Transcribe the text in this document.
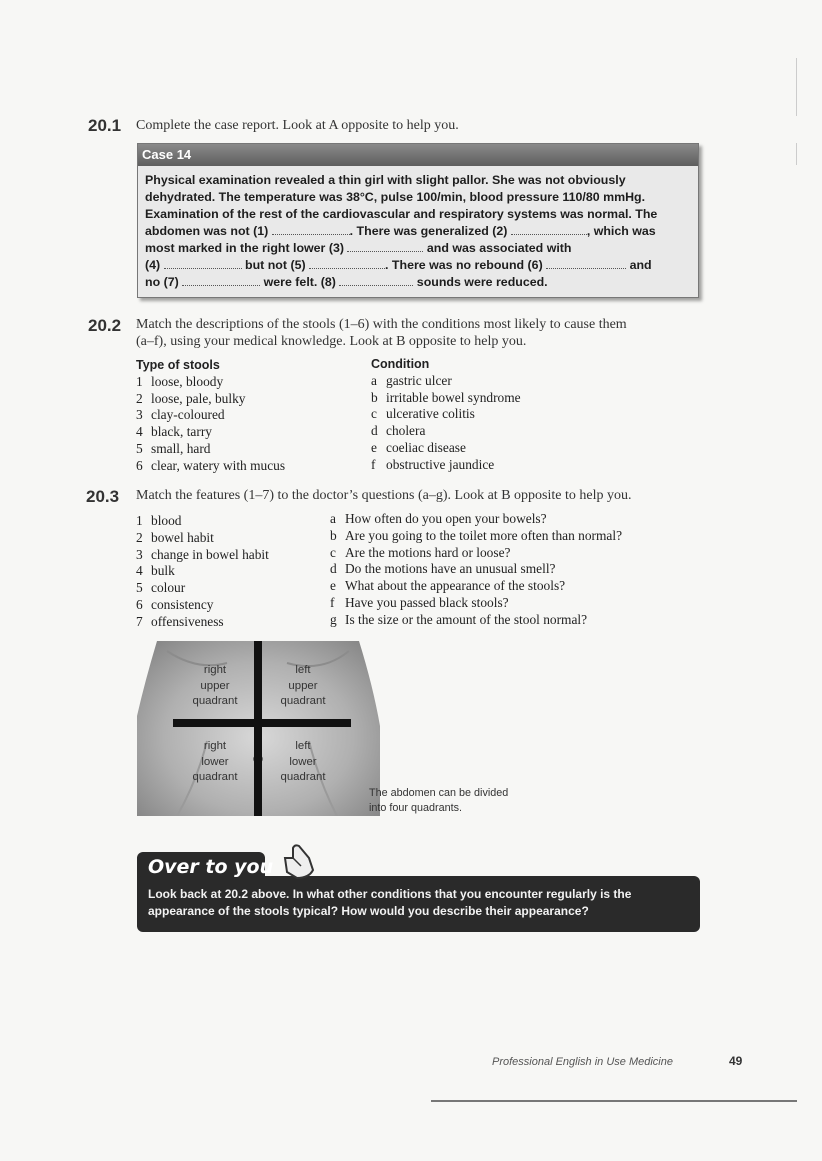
20.1 Complete the case report. Look at A opposite to help you.
Case 14
Physical examination revealed a thin girl with slight pallor. She was not obviously
dehydrated. The temperature was 38°C, pulse 100/min, blood pressure 110/80 mmHg.
Examination of the rest of the cardiovascular and respiratory systems was normal. The
abdomen was not (1)	. There was generalized (2)	, which was
most marked in the right lower (3)	and was associated with
(4)	but not (5)	. There was no rebound (6)	and
no (7)	were felt. (8)	sounds were reduced.
20.2 Match the descriptions of the stools (1–6) with the conditions most likely to cause them
(a–f), using your medical knowledge. Look at B opposite to help you.
Type of stools
1 loose, bloody
2 loose, pale, bulky
3 clay-coloured
4 black, tarry
5 small, hard
6 clear, watery with mucus
Condition
a gastric ulcer
b irritable bowel syndrome
c ulcerative colitis
d cholera
e coeliac disease
f obstructive jaundice
20.3 Match the features (1–7) to the doctor’s questions (a–g). Look at B opposite to help you.
1 blood
2 bowel habit
3 change in bowel habit
4 bulk
5 colour
6 consistency
7 offensiveness
a How often do you open your bowels?
b Are you going to the toilet more often than normal?
c Are the motions hard or loose?
d Do the motions have an unusual smell?
e What about the appearance of the stools?
f Have you passed black stools?
g Is the size or the amount of the stool normal?
right
upper
quadrant
left
upper
quadrant
right
lower
quadrant
left
lower
quadrant
The abdomen can be divided
into four quadrants.
Over to you
Look back at 20.2 above. In what other conditions that you encounter regularly is the
appearance of the stools typical? How would you describe their appearance?
Professional English in Use Medicine	49
